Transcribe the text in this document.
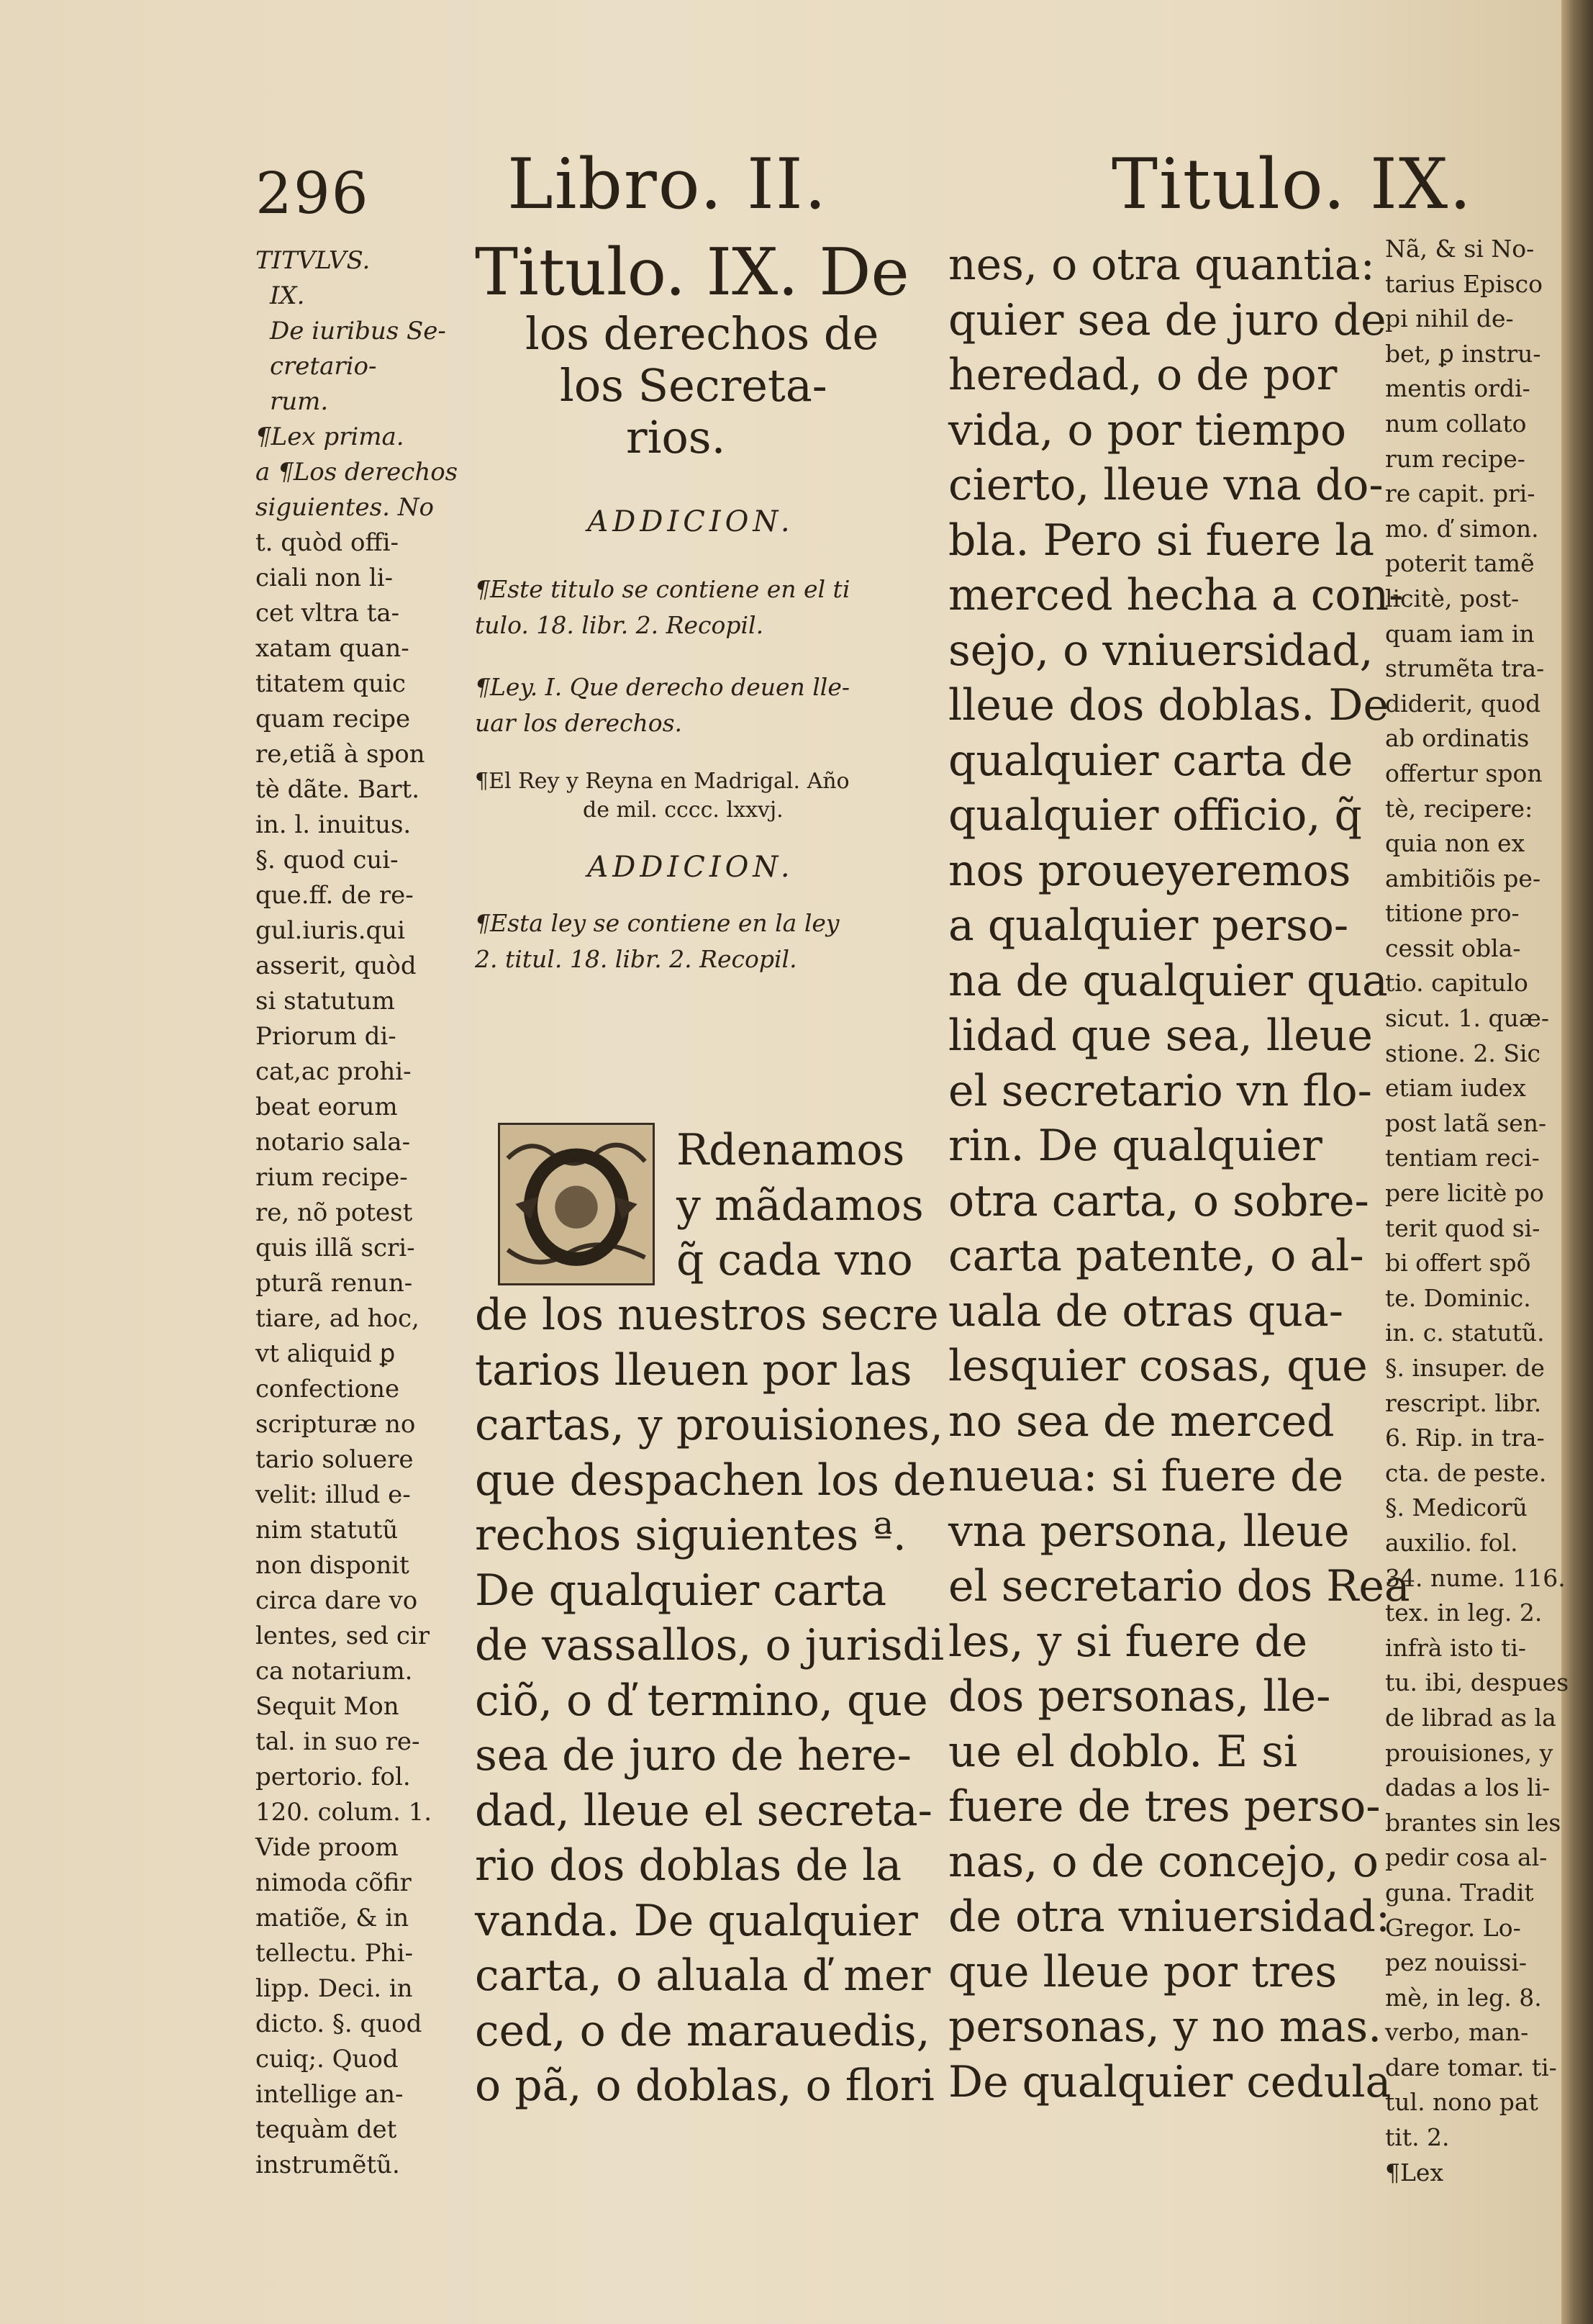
296 Libro. II.	Titulo. IX.
TITVLVS.
IX.
De iuribus Se-
cretario-
rum.
¶Lex prima.
a ¶Los derechos
siguientes. No
t. quòd offi-
ciali non li-
cet vltra ta-
xatam quan-
titatem quic
quam recipe
re,etiã à spon
tè dãte. Bart.
in. l. inuitus.
§. quod cui-
que.ff. de re-
gul.iuris.qui
asserit, quòd
si statutum
Priorum di-
cat,ac prohi-
beat eorum
notario sala-
rium recipe-
re, nõ potest
quis illã scri-
pturã renun-
tiare, ad hoc,
vt aliquid ꝑ
confectione
scripturæ no
tario soluere
velit: illud e-
nim statutũ
non disponit
circa dare vo
lentes, sed cir
ca notarium.
Sequit Mon
tal. in suo re-
pertorio. fol.
120. colum. 1.
Vide proom
nimoda cõfir
matiõe, & in
tellectu. Phi-
lipp. Deci. in
dicto. §. quod
cuiq;. Quod
intellige an-
tequàm det
instrumẽtũ.
Titulo. IX. De
los derechos de
los Secreta-
rios.
ADDICION.
¶Este titulo se contiene en el ti
tulo. 18. libr. 2. Recopil.
¶Ley. I. Que derecho deuen lle-
uar los derechos.
¶El Rey y Reyna en Madrigal. Año
de mil. cccc. lxxvj.
ADDICION.
¶Esta ley se contiene en la ley
2. titul. 18. libr. 2. Recopil.
Rdenamos
y mãdamos
q̃ cada vno
de los nuestros secre
tarios lleuen por las
cartas, y prouisiones,
que despachen los de
rechos siguientes ª.
De qualquier carta
de vassallos, o jurisdi
ciõ, o ď termino, que
sea de juro de here-
dad, lleue el secreta-
rio dos doblas de la
vanda. De qualquier
carta, o aluala ď mer
ced, o de marauedis,
o pã, o doblas, o flori
nes, o otra quantia:
quier sea de juro de
heredad, o de por
vida, o por tiempo
cierto, lleue vna do-
bla. Pero si fuere la
merced hecha a con-
sejo, o vniuersidad,
lleue dos doblas. De
qualquier carta de
qualquier officio, q̃
nos proueyeremos
a qualquier perso-
na de qualquier qua
lidad que sea, lleue
el secretario vn flo-
rin. De qualquier
otra carta, o sobre-
carta patente, o al-
uala de otras qua-
lesquier cosas, que
no sea de merced
nueua: si fuere de
vna persona, lleue
el secretario dos Rea
les, y si fuere de
dos personas, lle-
ue el doblo. E si
fuere de tres perso-
nas, o de concejo, o
de otra vniuersidad:
que lleue por tres
personas, y no mas.
De qualquier cedula
Nã, & si No-
tarius Episco
pi nihil de-
bet, ꝑ instru-
mentis ordi-
num collato
rum recipe-
re capit. pri-
mo. ď simon.
poterit tamẽ
licitè, post-
quam iam in
strumẽta tra-
diderit, quod
ab ordinatis
offertur spon
tè, recipere:
quia non ex
ambitiõis pe-
titione pro-
cessit obla-
tio. capitulo
sicut. 1. quæ-
stione. 2. Sic
etiam iudex
post latã sen-
tentiam reci-
pere licitè po
terit quod si-
bi offert spõ
te. Dominic.
in. c. statutũ.
§. insuper. de
rescript. libr.
6. Rip. in tra-
cta. de peste.
§. Medicorũ
auxilio. fol.
34. nume. 116.
tex. in leg. 2.
infrà isto ti-
tu. ibi, despues
de librad as la
prouisiones, y
dadas a los li-
brantes sin les
pedir cosa al-
guna. Tradit
Gregor. Lo-
pez nouissi-
mè, in leg. 8.
verbo, man-
dare tomar. ti-
tul. nono pat
tit. 2.
¶Lex
